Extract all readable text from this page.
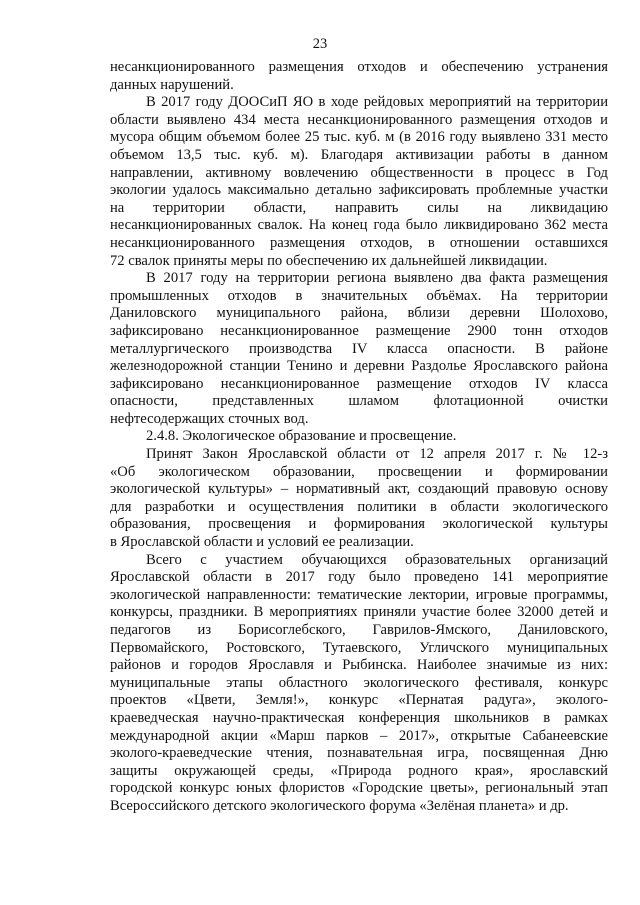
23
несанкционированного размещения отходов и обеспечению устранения
данных нарушений.
В 2017 году ДООСиП ЯО в ходе рейдовых мероприятий на территории
области выявлено 434 места несанкционированного размещения отходов и
мусора общим объемом более 25 тыс. куб. м (в 2016 году выявлено 331 место
объемом 13,5 тыс. куб. м). Благодаря активизации работы в данном
направлении, активному вовлечению общественности в процесс в Год
экологии удалось максимально детально зафиксировать проблемные участки
на территории области, направить силы на ликвидацию
несанкционированных свалок. На конец года было ликвидировано 362 места
несанкционированного размещения отходов, в отношении оставшихся
72 свалок приняты меры по обеспечению их дальнейшей ликвидации.
В 2017 году на территории региона выявлено два факта размещения
промышленных отходов в значительных объёмах. На территории
Даниловского муниципального района, вблизи деревни Шолохово,
зафиксировано несанкционированное размещение 2900 тонн отходов
металлургического производства IV класса опасности. В районе
железнодорожной станции Тенино и деревни Раздолье Ярославского района
зафиксировано несанкционированное размещение отходов IV класса
опасности, представленных шламом флотационной очистки
нефтесодержащих сточных вод.
2.4.8. Экологическое образование и просвещение.
Принят Закон Ярославской области от 12 апреля 2017 г. № 12-з
«Об экологическом образовании, просвещении и формировании
экологической культуры» – нормативный акт, создающий правовую основу
для разработки и осуществления политики в области экологического
образования, просвещения и формирования экологической культуры
в Ярославской области и условий ее реализации.
Всего с участием обучающихся образовательных организаций
Ярославской области в 2017 году было проведено 141 мероприятие
экологической направленности: тематические лектории, игровые программы,
конкурсы, праздники. В мероприятиях приняли участие более 32000 детей и
педагогов из Борисоглебского, Гаврилов-Ямского, Даниловского,
Первомайского, Ростовского, Тутаевского, Угличского муниципальных
районов и городов Ярославля и Рыбинска. Наиболее значимые из них:
муниципальные этапы областного экологического фестиваля, конкурс
проектов «Цвети, Земля!», конкурс «Пернатая радуга», эколого-
краеведческая научно-практическая конференция школьников в рамках
международной акции «Марш парков – 2017», открытые Сабанеевские
эколого-краеведческие чтения, познавательная игра, посвященная Дню
защиты окружающей среды, «Природа родного края», ярославский
городской конкурс юных флористов «Городские цветы», региональный этап
Всероссийского детского экологического форума «Зелёная планета» и др.
